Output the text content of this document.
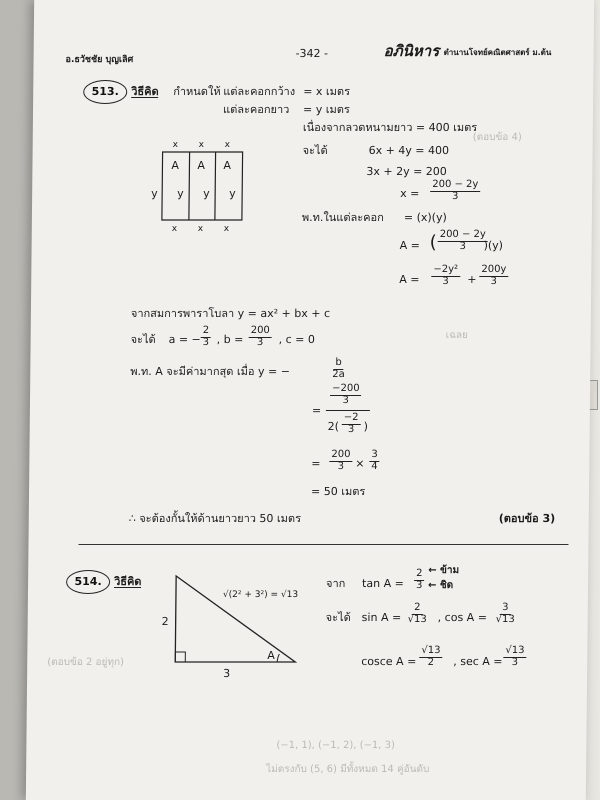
(ตอบข้อ 4)
เฉลย
(ตอบข้อ 2 อยู่ทุก)
(−1, 1), (−1, 2), (−1, 3)
ไม่ตรงกับ (5, 6) มีทั้งหมด 14 คู่อันดับ
อ.ธวัชชัย บุญเลิศ	-342 -	อภินิหาร ตำนานโจทย์คณิตศาสตร์ ม.ต้น
513.	วิธีคิด กำหนดให้ แต่ละคอกกว้าง = x เมตร
แต่ละคอกยาว = y เมตร
เนื่องจากลวดหนามยาว = 400 เมตร
จะได้	6x + 4y = 400
3x + 2y = 200
$x = \frac{200 - 2y}{3}$
x x x
A A A
y y y y
x x x
พ.ท.ในแต่ละคอก = (x)(y)
A = ( $\frac{200 - 2y}{3}$
)(y)
$A = \frac{\text{−2y²}}{3} + \frac{200y}{3}$
จากสมการพาราโบลา y = ax² + bx + c
จะได้ a = − $\frac{2}{3}$ , $b = \frac{200}{3}$ , c = 0
พ.ท. A จะมีค่ามากสุด เมื่อ y = −	$\frac{b}{2a}$
=
$\frac{-200}{3}$
$2( \frac{-2}{3}$ )
= $\frac{200}{3} \times \frac{3}{4}$
= 50 เมตร
∴ จะต้องกั้นให้ด้านยาวยาว 50 เมตร	(ตอบข้อ 3)
514.	วิธีคิด
√(2² + 3²) = √13
2
3
A
จาก $\tan A = \frac{2}{3}$ ← ข้าม
← ชิด
จะได้ $\sin A = \frac{2}{√13}$ , $\cos A = \frac{3}{√13}$
cosce $A = \frac{√13}{2}$ , $\sec A = \frac{√13}{3}$
